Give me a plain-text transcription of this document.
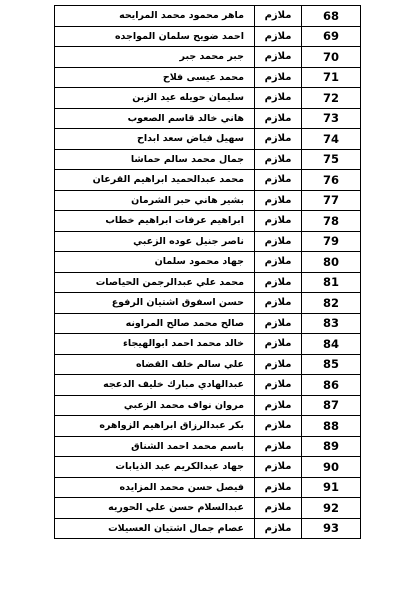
68	ملازم	ماهر محمود محمد المرايحه
69	ملازم	احمد ضويح سلمان المواجده
70	ملازم	جبر محمد جبر
71	ملازم	محمد عيسى فلاح
72	ملازم	سليمان حويله عيد الزبن
73	ملازم	هاني خالد قاسم الصعوب
74	ملازم	سهيل فياض سعد ابداح
75	ملازم	جمال محمد سالم حماشا
76	ملازم	محمد عبدالحميد ابراهيم القرعان
77	ملازم	بشير هاني حبر الشرمان
78	ملازم	ابراهيم عرفات ابراهيم خطاب
79	ملازم	ناصر جنيل عوده الزعبي
80	ملازم	جهاد محمود سلمان
81	ملازم	محمد علي عبدالرجمن الحياصات
82	ملازم	حسن اسفوق اشتيان الرفوع
83	ملازم	صالح محمد صالح المراونه
84	ملازم	خالد محمد احمد ابوالهيجاء
85	ملازم	علي سالم خلف القضاه
86	ملازم	عبدالهادي مبارك خليف الدعجه
87	ملازم	مروان نواف محمد الزعبي
88	ملازم	بكر عبدالرزاق ابراهيم الزواهره
89	ملازم	باسم محمد احمد الشناق
90	ملازم	جهاد عبدالكريم عبد الذيابات
91	ملازم	فيصل حسن محمد المزايده
92	ملازم	عبدالسلام حسن علي الحوريه
93	ملازم	عصام جمال اشتيان العسيلات
